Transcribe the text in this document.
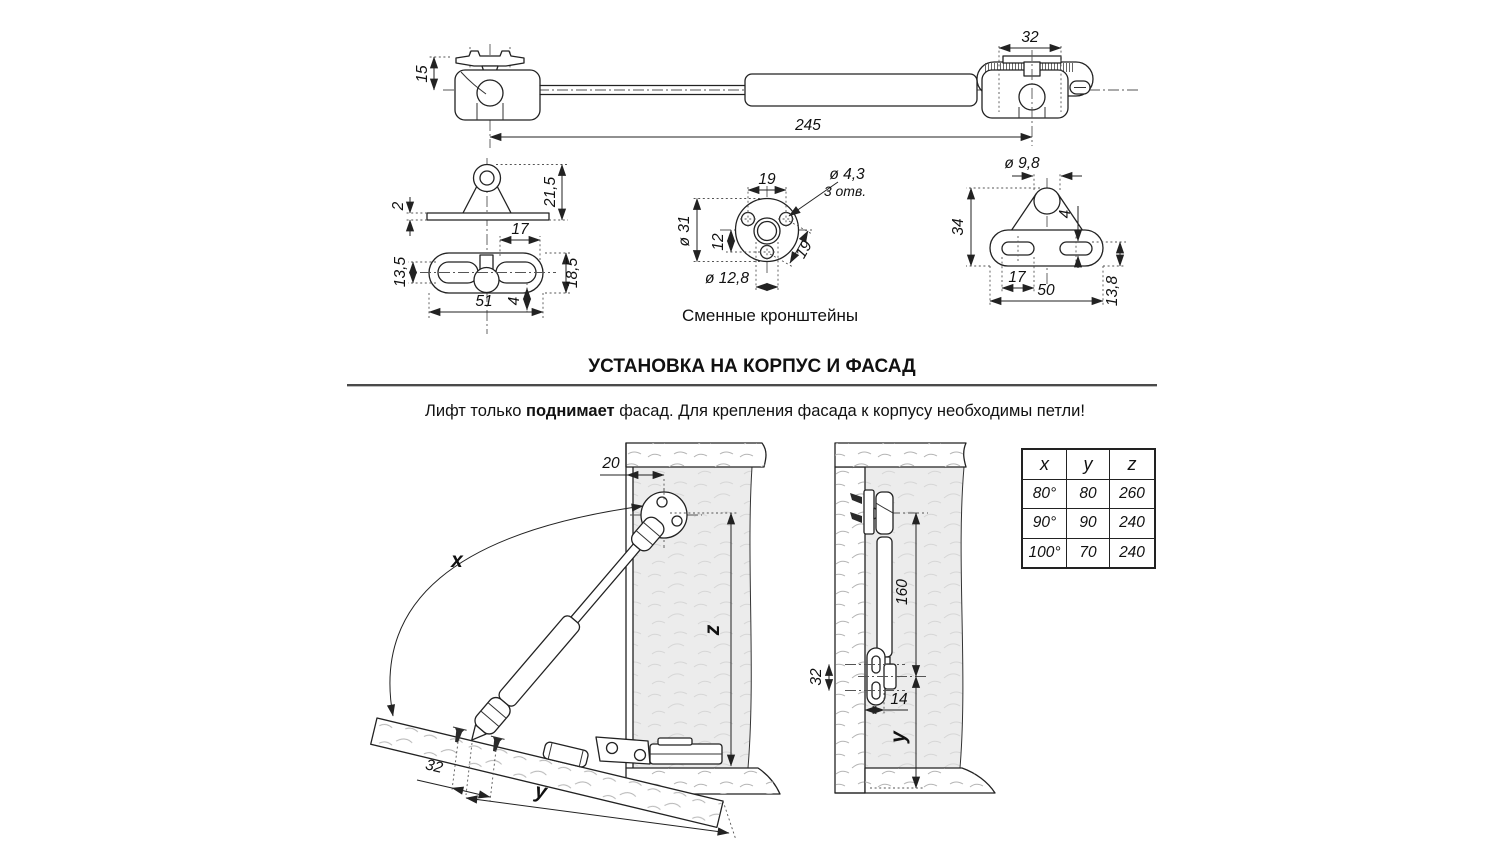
15
32
245
2	21,5
17
13,5	18,5
51 4
19	ø 4,3
3 отв.
ø 31 12	19
ø 12,8
ø 9,8
34
4
17
50	13,8
20
x
z
32
y
32
14
160
y
Сменные кронштейны
УСТАНОВКА НА КОРПУС И ФАСАД
Лифт только поднимает фасад. Для крепления фасада к корпусу необходимы петли!
x	y	z
80°	80	260
90°	90	240
100°	70	240
